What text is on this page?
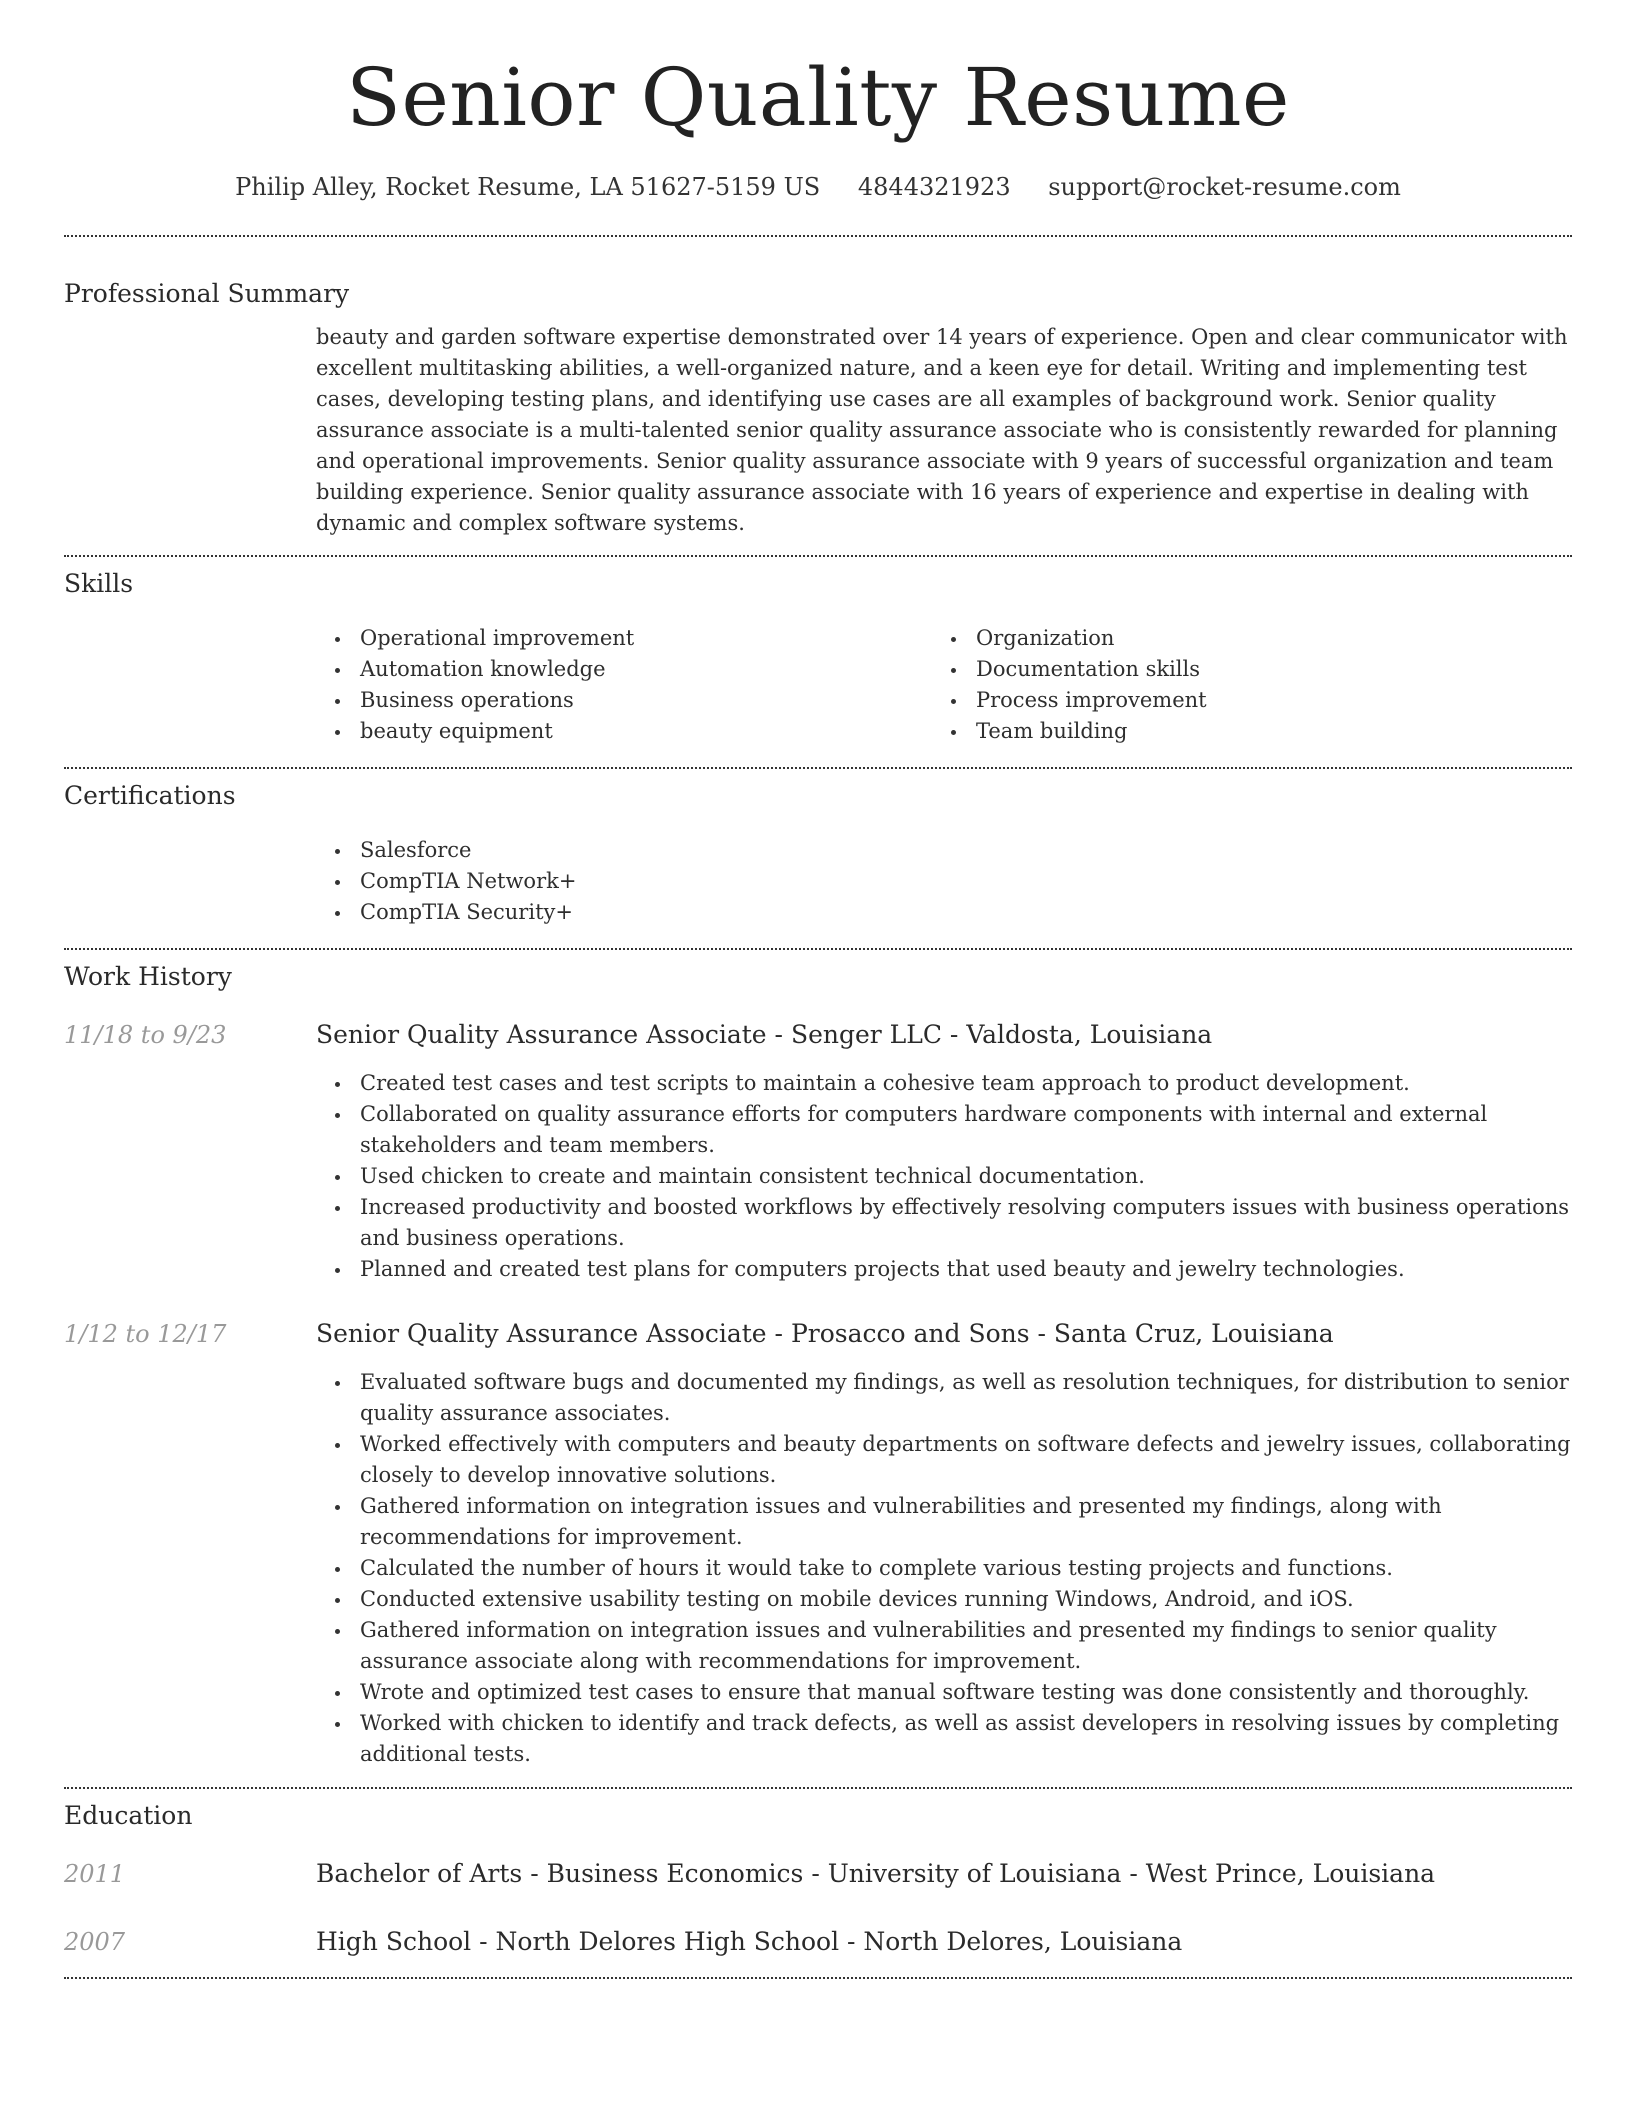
Senior Quality Resume
Philip Alley, Rocket Resume, LA 51627-5159 US 4844321923 support@rocket-resume.com
Professional Summary

beauty and garden software expertise demonstrated over 14 years of experience. Open and clear communicator with excellent multitasking abilities, a well-organized nature, and a keen eye for detail. Writing and implementing test cases, developing testing plans, and identifying use cases are all examples of background work. Senior quality assurance associate is a multi-talented senior quality assurance associate who is consistently rewarded for planning and operational improvements. Senior quality assurance associate with 9 years of successful organization and team building experience. Senior quality assurance associate with 16 years of experience and expertise in dealing with dynamic and complex software systems.

Skills
Operational improvement
Automation knowledge
Business operations
beauty equipment
Organization
Documentation skills
Process improvement
Team building
Certifications
Salesforce
CompTIA Network+
CompTIA Security+
Work History
11/18 to 9/23	Senior Quality Assurance Associate - Senger LLC - Valdosta, Louisiana
Created test cases and test scripts to maintain a cohesive team approach to product development.
Collaborated on quality assurance efforts for computers hardware components with internal and external stakeholders and team members.
Used chicken to create and maintain consistent technical documentation.
Increased productivity and boosted workflows by effectively resolving computers issues with business operations and business operations.
Planned and created test plans for computers projects that used beauty and jewelry technologies.
1/12 to 12/17	Senior Quality Assurance Associate - Prosacco and Sons - Santa Cruz, Louisiana
Evaluated software bugs and documented my findings, as well as resolution techniques, for distribution to senior quality assurance associates.
Worked effectively with computers and beauty departments on software defects and jewelry issues, collaborating closely to develop innovative solutions.
Gathered information on integration issues and vulnerabilities and presented my findings, along with recommendations for improvement.
Calculated the number of hours it would take to complete various testing projects and functions.
Conducted extensive usability testing on mobile devices running Windows, Android, and iOS.
Gathered information on integration issues and vulnerabilities and presented my findings to senior quality assurance associate along with recommendations for improvement.
Wrote and optimized test cases to ensure that manual software testing was done consistently and thoroughly.
Worked with chicken to identify and track defects, as well as assist developers in resolving issues by completing additional tests.
Education
2011	Bachelor of Arts - Business Economics - University of Louisiana - West Prince, Louisiana
2007	High School - North Delores High School - North Delores, Louisiana
